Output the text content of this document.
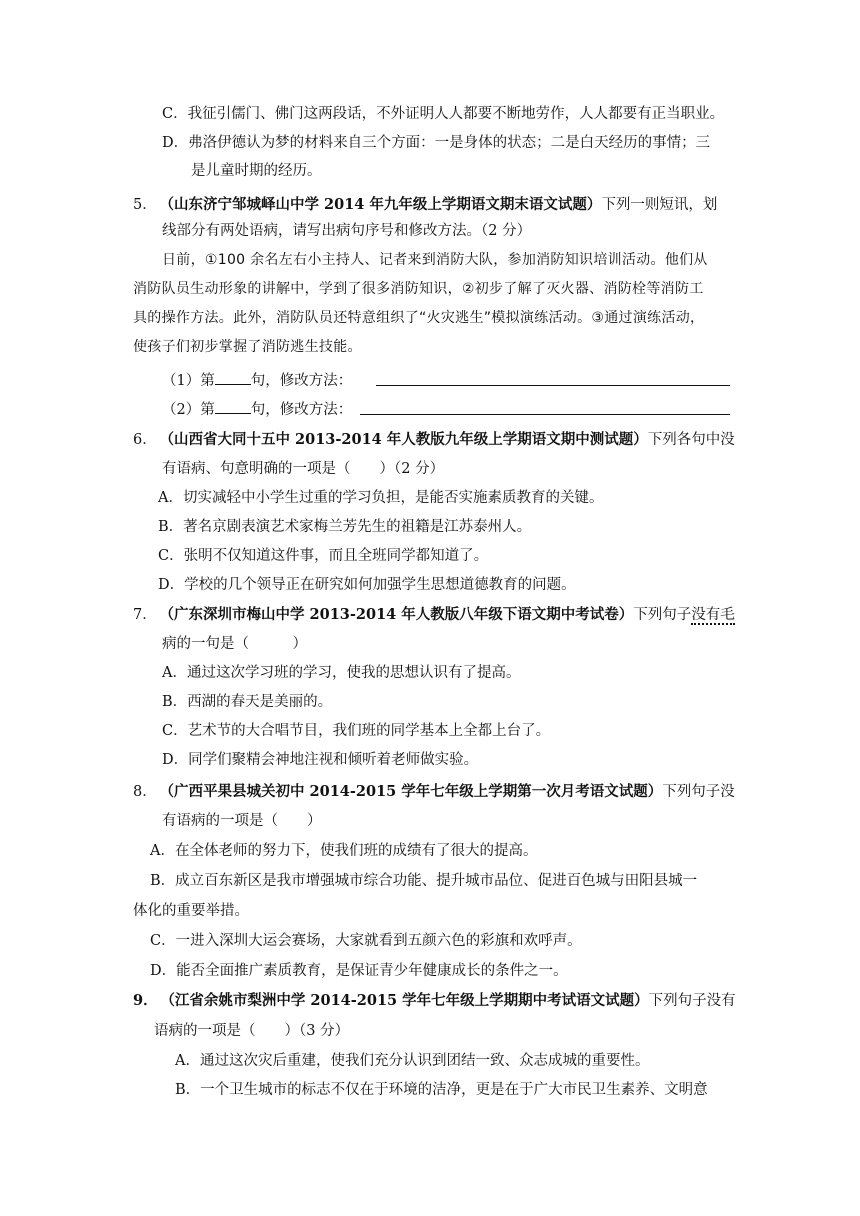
C．我征引儒门、佛门这两段话，不外证明人人都要不断地劳作，人人都要有正当职业。
D．弗洛伊德认为梦的材料来自三个方面：一是身体的状态；二是白天经历的事情；三
是儿童时期的经历。
5． （山东济宁邹城峄山中学 2014 年九年级上学期语文期末语文试题）下列一则短讯，划
线部分有两处语病，请写出病句序号和修改方法。（2 分）
日前，①100 余名左右小主持人、记者来到消防大队，参加消防知识培训活动。他们从
消防队员生动形象的讲解中，学到了很多消防知识，②初步了解了灭火器、消防栓等消防工
具的操作方法。此外，消防队员还特意组织了“火灾逃生”模拟演练活动。③通过演练活动，
使孩子们初步掌握了消防逃生技能。
（1）第 句，修改方法：
（2）第 句，修改方法：
6． （山西省大同十五中 2013-2014 年人教版九年级上学期语文期中测试题）下列各句中没
有语病、句意明确的一项是（　　）（2 分）
A．切实减轻中小学生过重的学习负担，是能否实施素质教育的关键。
B．著名京剧表演艺术家梅兰芳先生的祖籍是江苏泰州人。
C．张明不仅知道这件事，而且全班同学都知道了。
D．学校的几个领导正在研究如何加强学生思想道德教育的问题。
7． （广东深圳市梅山中学 2013-2014 年人教版八年级下语文期中考试卷）下列句子没有毛
病的一句是（　　　）
A．通过这次学习班的学习，使我的思想认识有了提高。
B．西湖的春天是美丽的。
C．艺术节的大合唱节目，我们班的同学基本上全都上台了。
D．同学们聚精会神地注视和倾听着老师做实验。
8． （广西平果县城关初中 2014-2015 学年七年级上学期第一次月考语文试题）下列句子没
有语病的一项是（　　）
A．在全体老师的努力下，使我们班的成绩有了很大的提高。
B．成立百东新区是我市增强城市综合功能、提升城市品位、促进百色城与田阳县城一
体化的重要举措。
C．一进入深圳大运会赛场，大家就看到五颜六色的彩旗和欢呼声。
D．能否全面推广素质教育，是保证青少年健康成长的条件之一。
9． （江省余姚市梨洲中学 2014-2015 学年七年级上学期期中考试语文试题）下列句子没有
语病的一项是（　　）（3 分）
A．通过这次灾后重建，使我们充分认识到团结一致、众志成城的重要性。
B．一个卫生城市的标志不仅在于环境的洁净，更是在于广大市民卫生素养、文明意
